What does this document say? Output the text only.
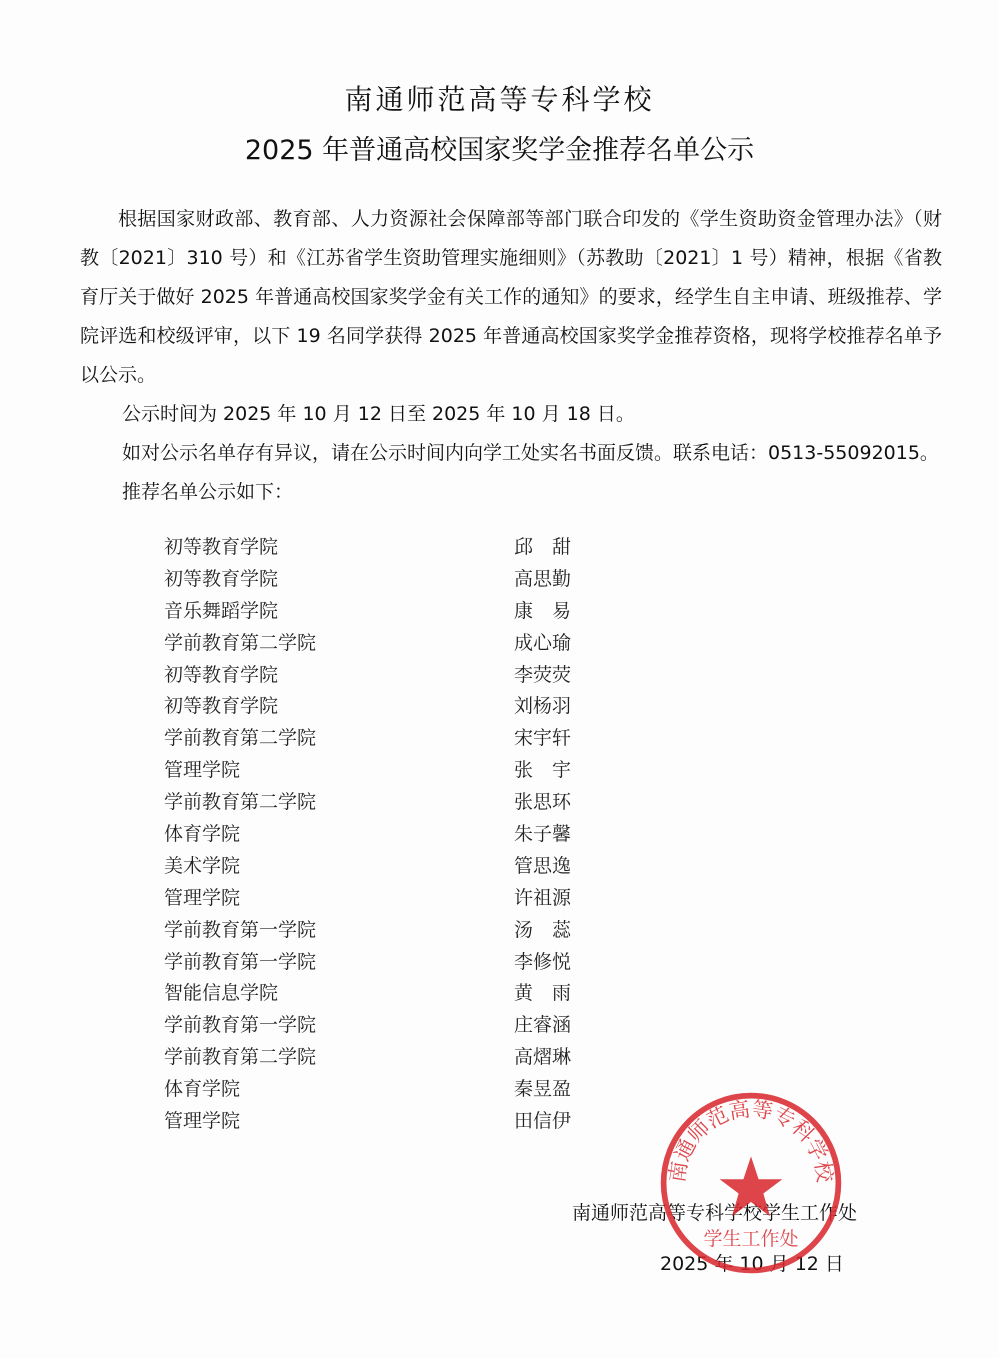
南通师范高等专科学校
2025 年普通高校国家奖学金推荐名单公示

根据国家财政部、教育部、人力资源社会保障部等部门联合印发的《学生资助资金管理办法》（财教〔2021〕310 号）和《江苏省学生资助管理实施细则》（苏教助〔2021〕1 号）精神，根据《省教育厅关于做好 2025 年普通高校国家奖学金有关工作的通知》的要求，经学生自主申请、班级推荐、学院评选和校级评审，以下 19 名同学获得 2025 年普通高校国家奖学金推荐资格，现将学校推荐名单予以公示。

公示时间为 2025 年 10 月 12 日至 2025 年 10 月 18 日。

如对公示名单存有异议，请在公示时间内向学工处实名书面反馈。联系电话：0513-55092015。

推荐名单公示如下：

初等教育学院	邱　甜
初等教育学院	高思勤
音乐舞蹈学院	康　易
学前教育第二学院	成心瑜
初等教育学院	李荧荧
初等教育学院	刘杨羽
学前教育第二学院	宋宇轩
管理学院	张　宇
学前教育第二学院	张思环
体育学院	朱子馨
美术学院	管思逸
管理学院	许祖源
学前教育第一学院	汤　蕊
学前教育第一学院	李修悦
智能信息学院	黄　雨
学前教育第一学院	庄睿涵
学前教育第二学院	高熠琳
体育学院	秦昱盈
管理学院	田信伊
南通师范高等专科学校学生工作处
2025 年 10 月 12 日
南通师范高等专科学校
学生工作处
